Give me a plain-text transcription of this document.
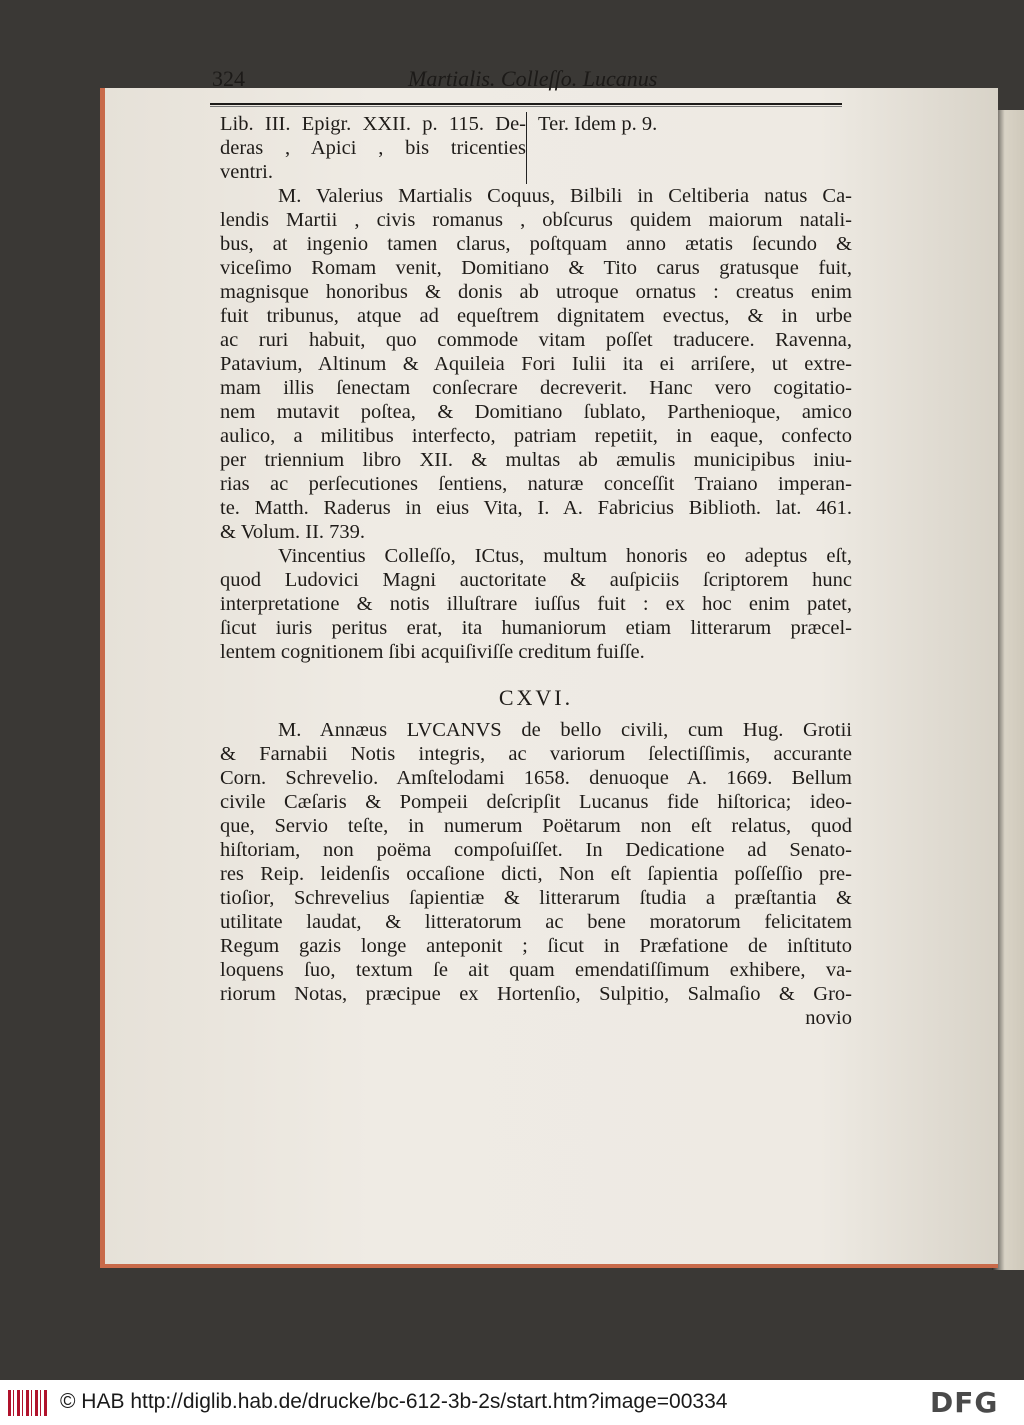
324	Martialis. Colleſſo. Lucanus
Lib. III. Epigr. XXII. p. 115. De-
deras , Apici , bis tricenties
ventri.
Ter. Idem p. 9.

M. Valerius Martialis Coquus, Bilbili in Celtiberia natus Ca-
lendis Martii , civis romanus , obſcurus quidem maiorum natali-
bus, at ingenio tamen clarus, poſtquam anno ætatis ſecundo &
viceſimo Romam venit, Domitiano & Tito carus gratusque fuit,
magnisque honoribus & donis ab utroque ornatus : creatus enim
fuit tribunus, atque ad equeſtrem dignitatem evectus, & in urbe
ac ruri habuit, quo commode vitam poſſet traducere. Ravenna,
Patavium, Altinum & Aquileia Fori Iulii ita ei arriſere, ut extre-
mam illis ſenectam conſecrare decreverit. Hanc vero cogitatio-
nem mutavit poſtea, & Domitiano ſublato, Parthenioque, amico
aulico, a militibus interfecto, patriam repetiit, in eaque, confecto
per triennium libro XII. & multas ab æmulis municipibus iniu-
rias ac perſecutiones ſentiens, naturæ conceſſit Traiano imperan-
te. Matth. Raderus in eius Vita, I. A. Fabricius Biblioth. lat. 461.
& Volum. II. 739.

Vincentius Colleſſo, ICtus, multum honoris eo adeptus eſt,
quod Ludovici Magni auctoritate & auſpiciis ſcriptorem hunc
interpretatione & notis illuſtrare iuſſus fuit : ex hoc enim patet,
ſicut iuris peritus erat, ita humaniorum etiam litterarum præcel-
lentem cognitionem ſibi acquiſiviſſe creditum fuiſſe.

CXVI.

M. Annæus LVCANVS de bello civili, cum Hug. Grotii
& Farnabii Notis integris, ac variorum ſelectiſſimis, accurante
Corn. Schrevelio. Amſtelodami 1658. denuoque A. 1669. Bellum
civile Cæſaris & Pompeii deſcripſit Lucanus fide hiſtorica; ideo-
que, Servio teſte, in numerum Poëtarum non eſt relatus, quod
hiſtoriam, non poëma compoſuiſſet. In Dedicatione ad Senato-
res Reip. leidenſis occaſione dicti, Non eſt ſapientia poſſeſſio pre-
tioſior, Schrevelius ſapientiæ & litterarum ſtudia a præſtantia &
utilitate laudat, & litteratorum ac bene moratorum felicitatem
Regum gazis longe anteponit ; ſicut in Præfatione de inſtituto
loquens ſuo, textum ſe ait quam emendatiſſimum exhibere, va-
riorum Notas, præcipue ex Hortenſio, Sulpitio, Salmaſio & Gro-

novio
© HAB http://diglib.hab.de/drucke/bc-612-3b-2s/start.htm?image=00334	DFG
